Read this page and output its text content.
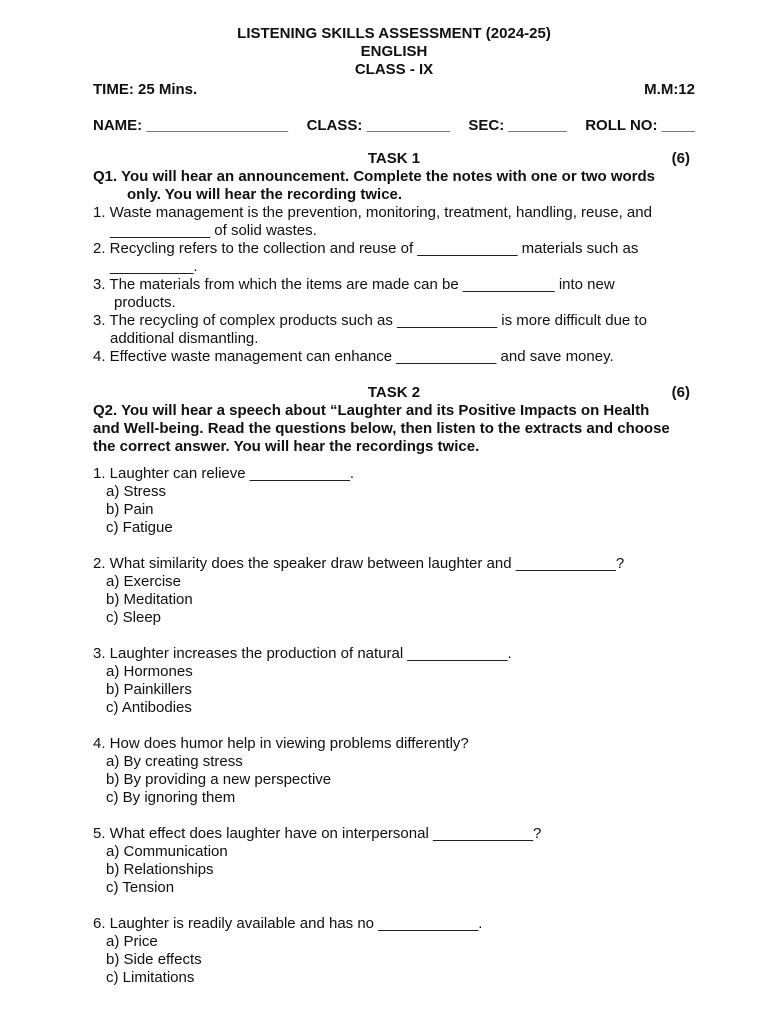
LISTENING SKILLS ASSESSMENT (2024-25)
ENGLISH
CLASS - IX
TIME: 25 Mins.	M.M:12
NAME: _________________ CLASS: __________ SEC: _______ ROLL NO: ____
TASK 1	(6)
Q1. You will hear an announcement. Complete the notes with one or two words
only. You will hear the recording twice.
1. Waste management is the prevention, monitoring, treatment, handling, reuse, and
____________ of solid wastes.
2. Recycling refers to the collection and reuse of ____________ materials such as
__________.
3. The materials from which the items are made can be ___________ into new
products.
3. The recycling of complex products such as ____________ is more difficult due to
additional dismantling.
4. Effective waste management can enhance ____________ and save money.
TASK 2	(6)
Q2. You will hear a speech about “Laughter and its Positive Impacts on Health
and Well-being. Read the questions below, then listen to the extracts and choose
the correct answer. You will hear the recordings twice.
1. Laughter can relieve ____________.
a) Stress
b) Pain
c) Fatigue
2. What similarity does the speaker draw between laughter and ____________?
a) Exercise
b) Meditation
c) Sleep
3. Laughter increases the production of natural ____________.
a) Hormones
b) Painkillers
c) Antibodies
4. How does humor help in viewing problems differently?
a) By creating stress
b) By providing a new perspective
c) By ignoring them
5. What effect does laughter have on interpersonal ____________?
a) Communication
b) Relationships
c) Tension
6. Laughter is readily available and has no ____________.
a) Price
b) Side effects
c) Limitations
